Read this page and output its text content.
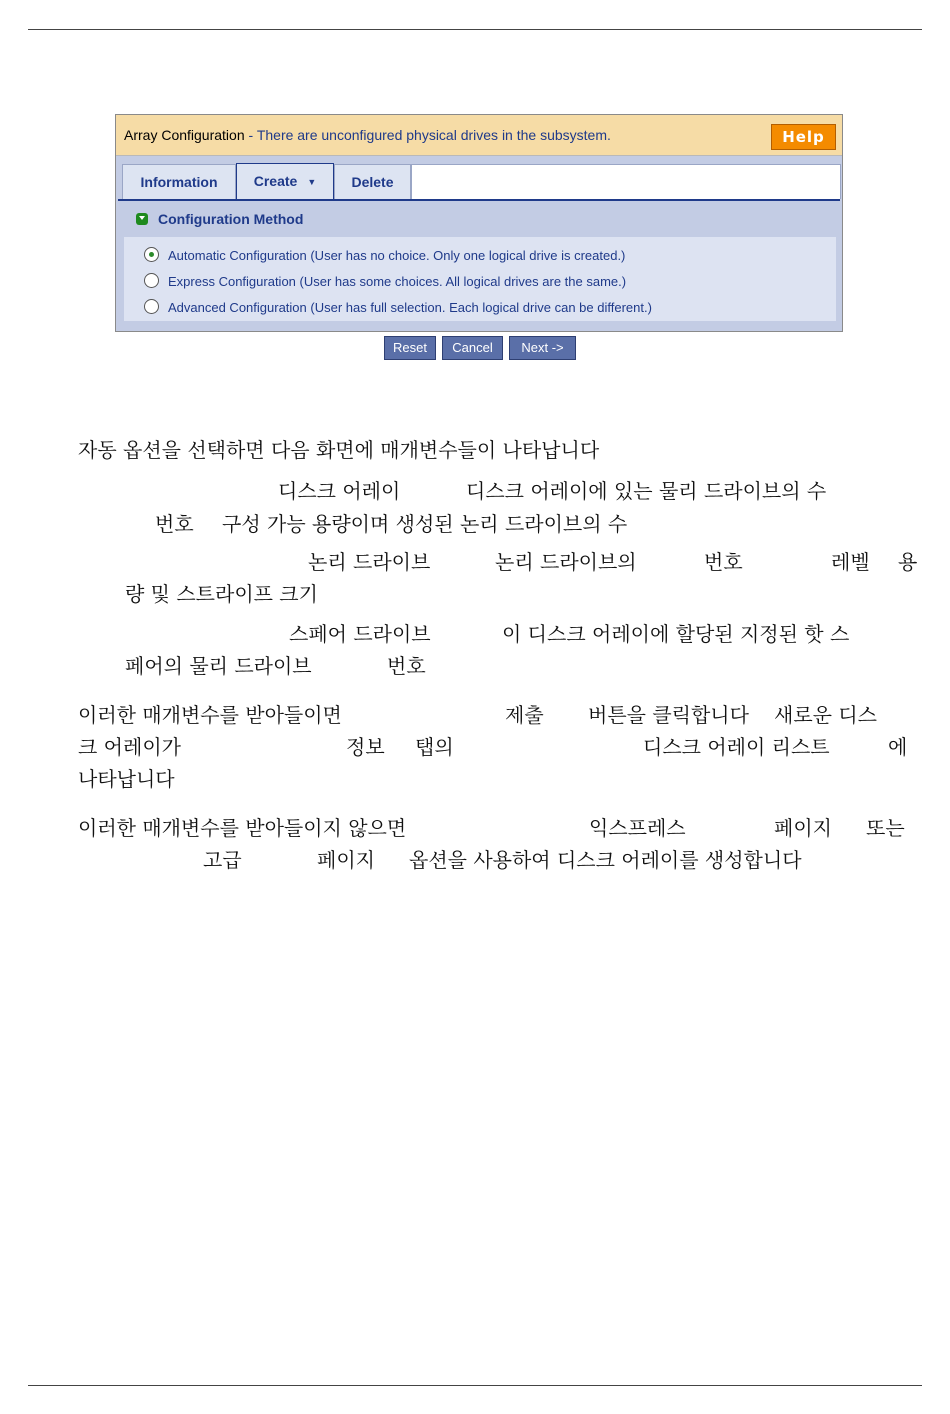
Array Configuration - There are unconfigured physical drives in the subsystem.	Help
Information	Create ▼	Delete
Configuration Method
Automatic Configuration (User has no choice. Only one logical drive is created.)
Express Configuration (User has some choices. All logical drives are the same.)
Advanced Configuration (User has full selection. Each logical drive can be different.)
Reset	Cancel	Next ->
자동 옵션을 선택하면 다음 화면에 매개변수들이 나타납니다
디스크 어레이	디스크 어레이에 있는 물리 드라이브의 수
번호 구성 가능 용량이며 생성된 논리 드라이브의 수
논리 드라이브	논리 드라이브의	번호	레벨 용
량 및 스트라이프 크기
스페어 드라이브	이 디스크 어레이에 할당된 지정된 핫 스
페어의 물리 드라이브	번호
이러한 매개변수를 받아들이면	제출 버튼을 클릭합니다 새로운 디스
크 어레이가	정보 탭의	디스크 어레이 리스트	에
나타납니다
이러한 매개변수를 받아들이지 않으면	익스프레스	페이지 또는
고급	페이지 옵션을 사용하여 디스크 어레이를 생성합니다
